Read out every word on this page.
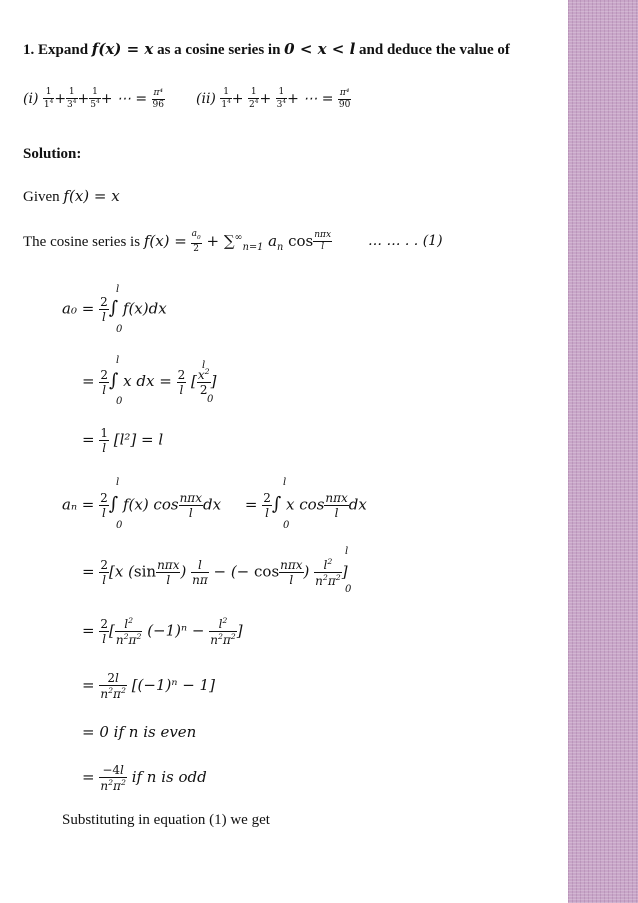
1. Expand f(x) = x as a cosine series in 0 < x < l and deduce the value of
$(i) \frac{1}{1^4} + \frac{1}{3^4} + \frac{1}{5^4}$ + ⋯ = $\frac{\text{π⁴}}{96} (ii) \frac{1}{1^4} + \frac{1}{2^4} + \frac{1}{3^4}$ + ⋯ = $\frac{\text{π⁴}}{90}$
Solution:
Given f(x) = x
The cosine series is $f(x) = \frac{a_0}{2} + \sum^\infty_{n=1}$ $a_n$ $\cos \frac{\text{nπx}}{l}$	… … . . (1)
l
0
$a_0 = \frac{2}{l}$ ∫ f(x)dx
l
0
l
0
= $\frac{2}{l}$ ∫ x dx = $\frac{2}{l}$ [ $\frac{x^2}{2}$ ]
= $\frac{1}{l} [l^2] = l$
l
0
l
0
$a_n = \frac{2}{l}$ ∫ f(x) $\cos \frac{\text{nπx}}{l}$ dx     = $\frac{2}{l}$ ∫ x $\cos \frac{\text{nπx}}{l}$ dx
l
0
= $\frac{2}{l} [x$ ($\sin \frac{\text{nπx}}{l}$ ) $\frac{l}{n\pi}$ − (− $\cos \frac{\text{nπx}}{l}$ ) $\frac{l^2}{n^2\pi^2}$ ]
= $\frac{2}{l}$ [ $\frac{l^2}{n^2\pi^2} (-1)^n - \frac{l^2}{n^2\pi^2}$ ]
= $\frac{2l}{n^2\pi^2} [(-1)^n - 1]$
= 0 if n is even
= $\frac{-4l}{n^2\pi^2}$ if n is odd
Substituting in equation (1) we get
